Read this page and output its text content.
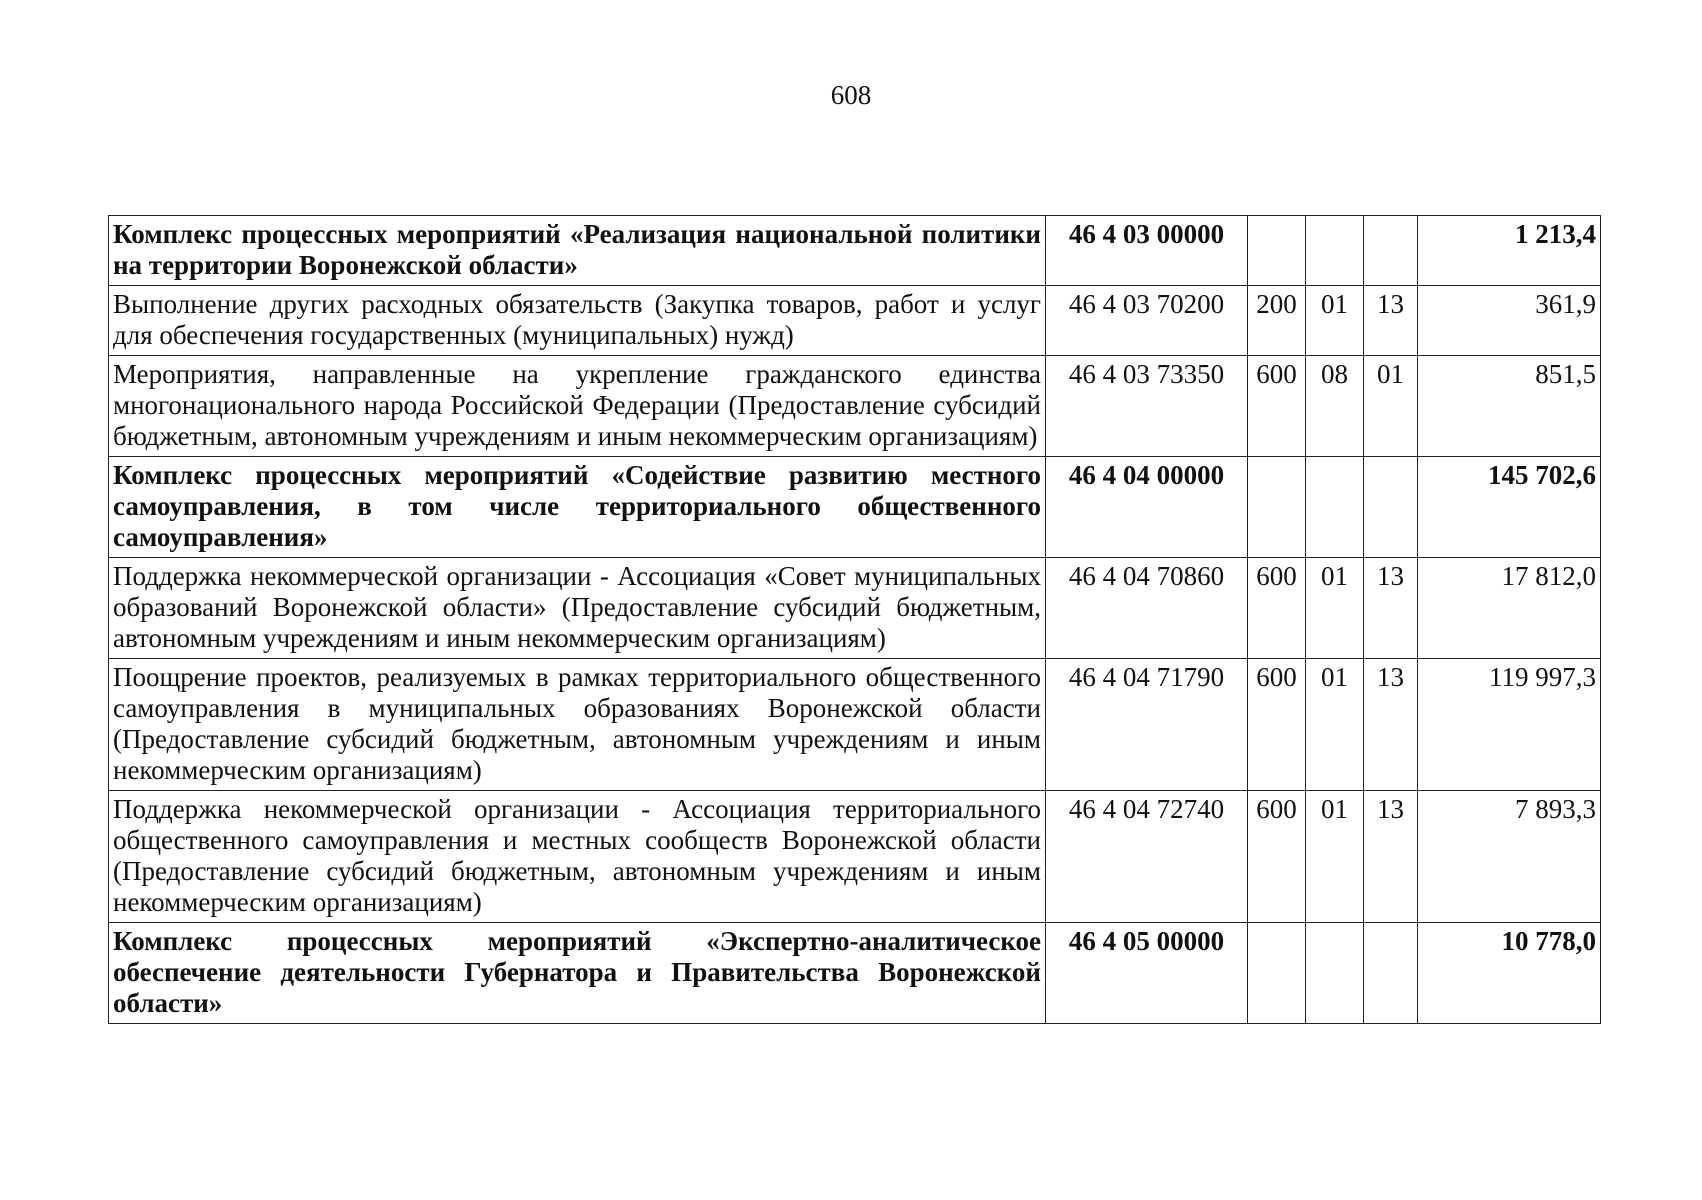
608
Комплекс процессных мероприятий «Реализация национальной политики на территории Воронежской области»	46 4 03 00000				1 213,4
Выполнение других расходных обязательств (Закупка товаров, работ и услуг для обеспечения государственных (муниципальных) нужд)	46 4 03 70200	200	01	13	361,9
Мероприятия, направленные на укрепление гражданского единства многонационального народа Российской Федерации (Предоставление субсидий бюджетным, автономным учреждениям и иным некоммерческим организациям)	46 4 03 73350	600	08	01	851,5
Комплекс процессных мероприятий «Содействие развитию местного самоуправления, в том числе территориального общественного самоуправления»	46 4 04 00000				145 702,6
Поддержка некоммерческой организации - Ассоциация «Совет муниципальных образований Воронежской области» (Предоставление субсидий бюджетным, автономным учреждениям и иным некоммерческим организациям)	46 4 04 70860	600	01	13	17 812,0
Поощрение проектов, реализуемых в рамках территориального общественного самоуправления в муниципальных образованиях Воронежской области (Предоставление субсидий бюджетным, автономным учреждениям и иным некоммерческим организациям)	46 4 04 71790	600	01	13	119 997,3
Поддержка некоммерческой организации - Ассоциация территориального общественного самоуправления и местных сообществ Воронежской области (Предоставление субсидий бюджетным, автономным учреждениям и иным некоммерческим организациям)	46 4 04 72740	600	01	13	7 893,3
Комплекс процессных мероприятий «Экспертно-аналитическое обеспечение деятельности Губернатора и Правительства Воронежской области»	46 4 05 00000				10 778,0
